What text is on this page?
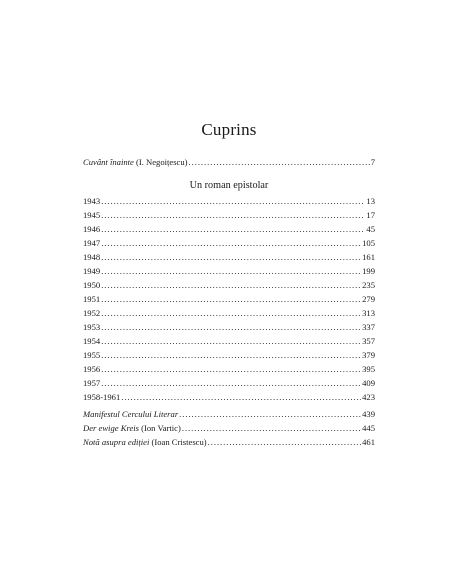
Cuprins
Cuvânt înainte (I. Negoițescu) . . .	7
Un roman epistolar
1943 . . .	13
1945 . . .	17
1946 . . .	45
1947 . . .	105
1948 . . .	161
1949 . . .	199
1950 . . .	235
1951 . . .	279
1952 . . .	313
1953 . . .	337
1954 . . .	357
1955 . . .	379
1956 . . .	395
1957 . . .	409
1958-1961 . . .	423
Manifestul Cercului Literar . . .	439
Der ewige Kreis (Ion Vartic) . . .	445
Notă asupra ediției (Ioan Cristescu) . . .	461
